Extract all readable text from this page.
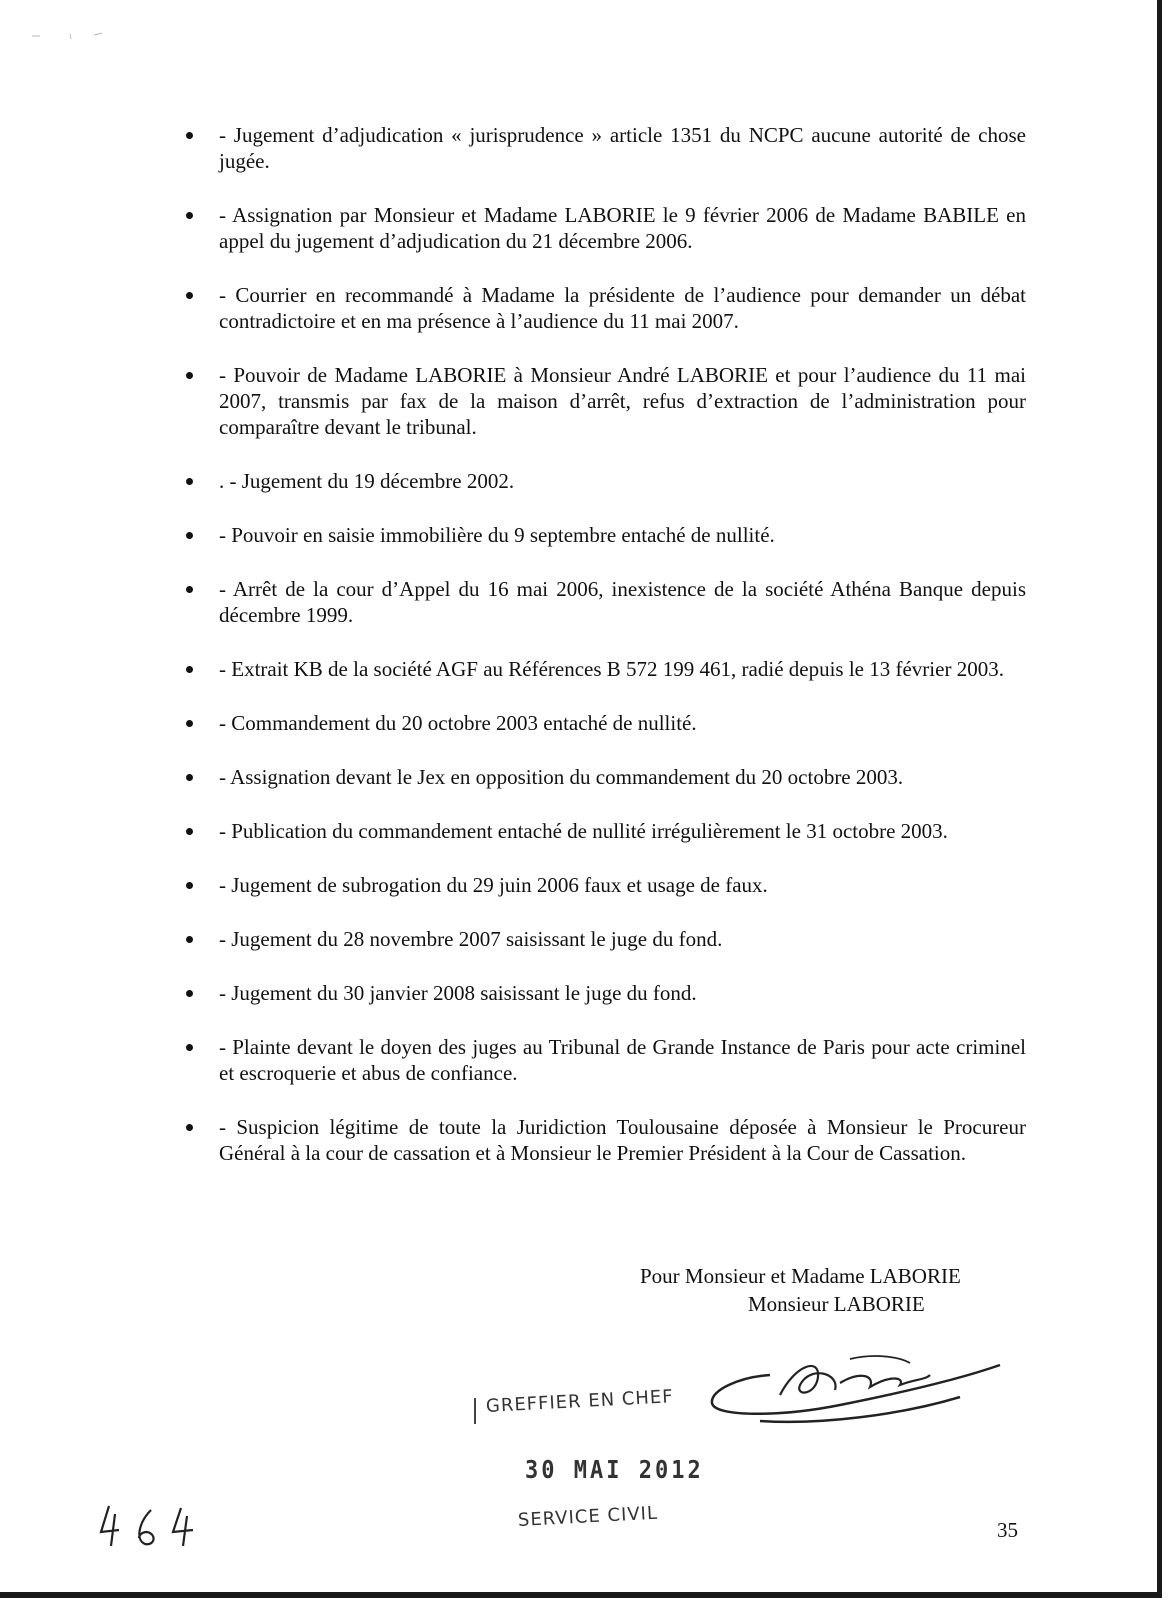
- Jugement d’adjudication « jurisprudence » article 1351 du NCPC aucune autorité de chose jugée.
- Assignation par Monsieur et Madame LABORIE le 9 février 2006 de Madame BABILE en appel du jugement d’adjudication du 21 décembre 2006.
- Courrier en recommandé à Madame la présidente de l’audience pour demander un débat contradictoire et en ma présence à l’audience du 11 mai 2007.
- Pouvoir de Madame LABORIE à Monsieur André LABORIE et pour l’audience du 11 mai 2007, transmis par fax de la maison d’arrêt, refus d’extraction de l’administration pour comparaître devant le tribunal.
. - Jugement du 19 décembre 2002.
- Pouvoir en saisie immobilière du 9 septembre entaché de nullité.
- Arrêt de la cour d’Appel du 16 mai 2006, inexistence de la société Athéna Banque depuis décembre 1999.
- Extrait KB de la société AGF au Références B 572 199 461, radié depuis le 13 février 2003.
- Commandement du 20 octobre 2003 entaché de nullité.
- Assignation devant le Jex en opposition du commandement du 20 octobre 2003.
- Publication du commandement entaché de nullité irrégulièrement le 31 octobre 2003.
- Jugement de subrogation du 29 juin 2006 faux et usage de faux.
- Jugement du 28 novembre 2007 saisissant le juge du fond.
- Jugement du 30 janvier 2008 saisissant le juge du fond.
- Plainte devant le doyen des juges au Tribunal de Grande Instance de Paris pour acte criminel et escroquerie et abus de confiance.
- Suspicion légitime de toute la Juridiction Toulousaine déposée à Monsieur le Procureur Général à la cour de cassation et à Monsieur le Premier Président à la Cour de Cassation.
Pour Monsieur et Madame LABORIE
Monsieur LABORIE
GREFFIER EN CHEF
30 MAI 2012
SERVICE CIVIL	35
